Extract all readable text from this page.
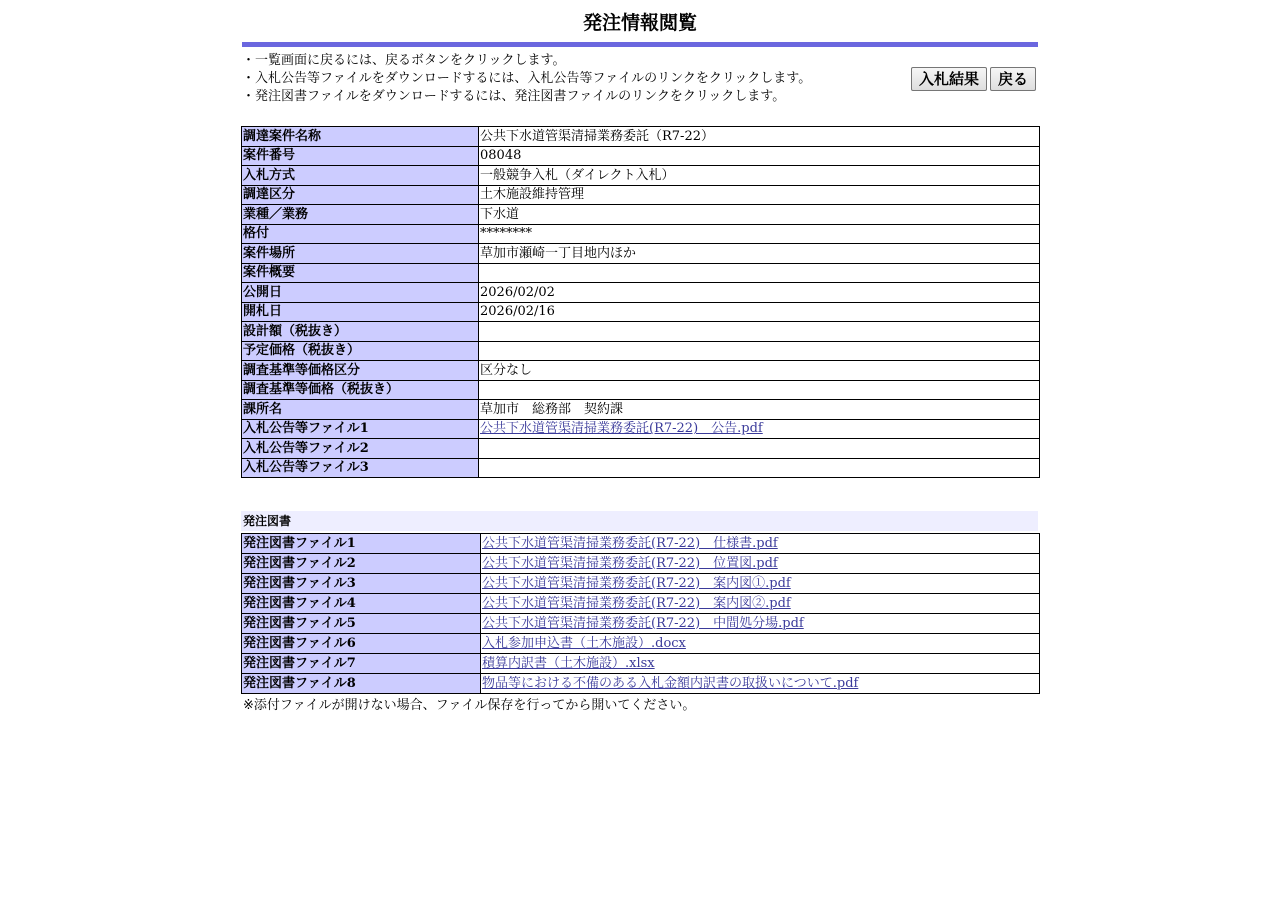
発注情報閲覧
・一覧画面に戻るには、戻るボタンをクリックします。
・入札公告等ファイルをダウンロードするには、入札公告等ファイルのリンクをクリックします。
・発注図書ファイルをダウンロードするには、発注図書ファイルのリンクをクリックします。
入札結果	戻る
調達案件名称	公共下水道管渠清掃業務委託（R7-22）
案件番号	08048
入札方式	一般競争入札（ダイレクト入札）
調達区分	土木施設維持管理
業種／業務	下水道
格付	********
案件場所	草加市瀬崎一丁目地内ほか
案件概要	
公開日	2026/02/02
開札日	2026/02/16
設計額（税抜き）	
予定価格（税抜き）	
調査基準等価格区分	区分なし
調査基準等価格（税抜き）	
課所名	草加市　総務部　契約課
入札公告等ファイル1	公共下水道管渠清掃業務委託(R7-22)　公告.pdf
入札公告等ファイル2	
入札公告等ファイル3	
発注図書
発注図書ファイル1	公共下水道管渠清掃業務委託(R7-22)　仕様書.pdf
発注図書ファイル2	公共下水道管渠清掃業務委託(R7-22)　位置図.pdf
発注図書ファイル3	公共下水道管渠清掃業務委託(R7-22)　案内図①.pdf
発注図書ファイル4	公共下水道管渠清掃業務委託(R7-22)　案内図②.pdf
発注図書ファイル5	公共下水道管渠清掃業務委託(R7-22)　中間処分場.pdf
発注図書ファイル6	入札参加申込書（土木施設）.docx
発注図書ファイル7	積算内訳書（土木施設）.xlsx
発注図書ファイル8	物品等における不備のある入札金額内訳書の取扱いについて.pdf
※添付ファイルが開けない場合、ファイル保存を行ってから開いてください。
